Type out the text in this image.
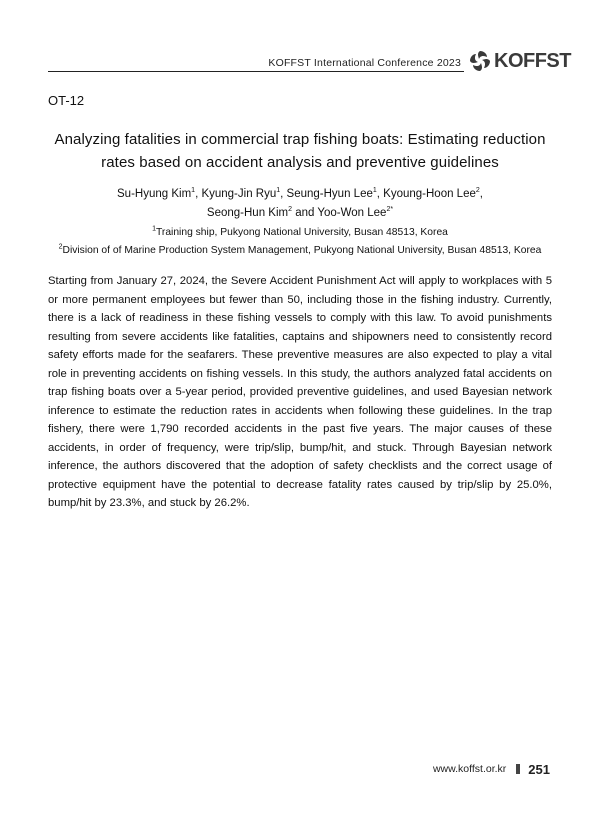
KOFFST International Conference 2023 KOFFST
OT-12
Analyzing fatalities in commercial trap fishing boats: Estimating reduction
rates based on accident analysis and preventive guidelines
Su-Hyung Kim$^1$, Kyung-Jin Ryu$^1$, Seung-Hyun Lee$^1$, Kyoung-Hoon Lee$^2$,
Seong-Hun Kim$^2$ and Yoo-Won Lee$^{2*}$
$^1$Training ship, Pukyong National University, Busan 48513, Korea
$^2$Division of of Marine Production System Management, Pukyong National University, Busan 48513, Korea

Starting from January 27, 2024, the Severe Accident Punishment Act will apply to workplaces with 5 or more permanent employees but fewer than 50, including those in the fishing industry. Currently, there is a lack of readiness in these fishing vessels to comply with this law. To avoid punishments resulting from severe accidents like fatalities, captains and shipowners need to consistently record safety efforts made for the seafarers. These preventive measures are also expected to play a vital role in preventing accidents on fishing vessels. In this study, the authors analyzed fatal accidents on trap fishing boats over a 5-year period, provided preventive guidelines, and used Bayesian network inference to estimate the reduction rates in accidents when following these guidelines. In the trap fishery, there were 1,790 recorded accidents in the past five years. The major causes of these accidents, in order of frequency, were trip/slip, bump/hit, and stuck. Through Bayesian network inference, the authors discovered that the adoption of safety checklists and the correct usage of protective equipment have the potential to decrease fatality rates caused by trip/slip by 25.0%, bump/hit by 23.3%, and stuck by 26.2%.

www.koffst.or.kr 251
